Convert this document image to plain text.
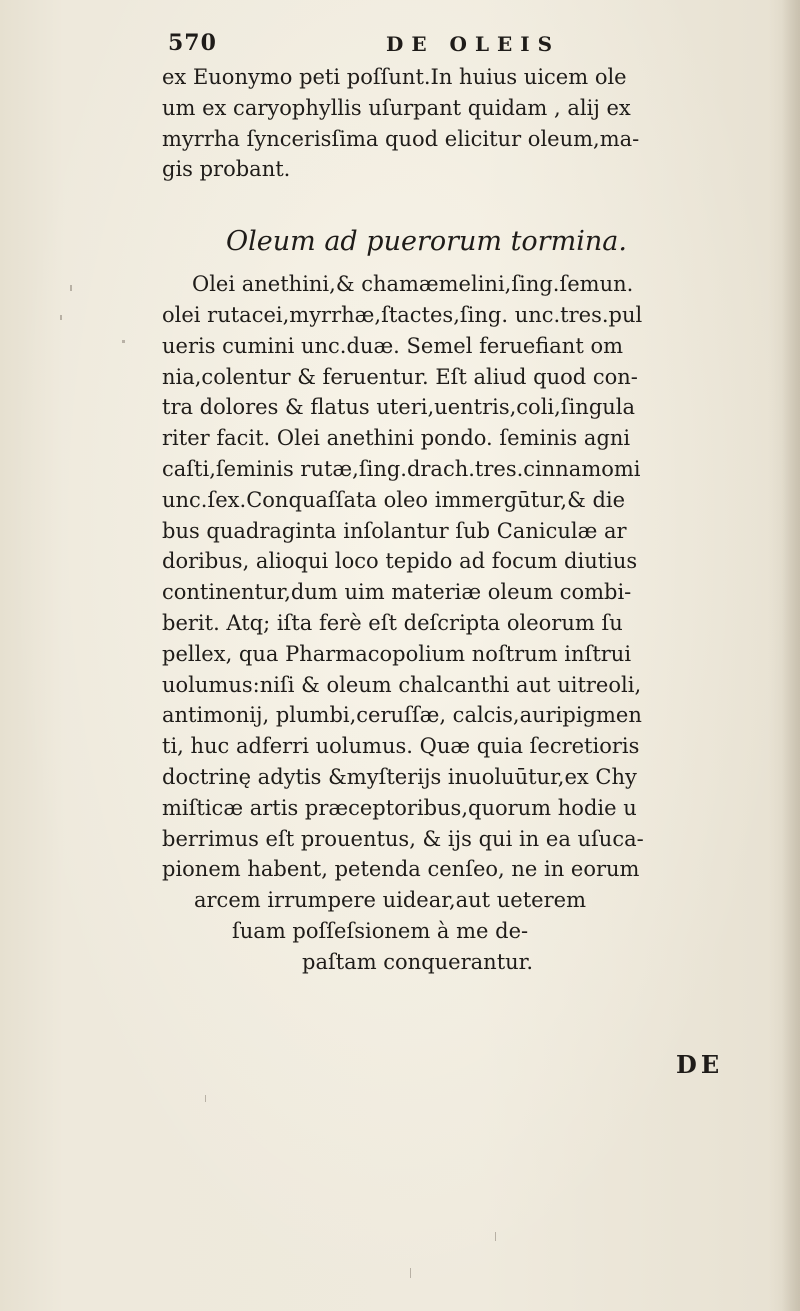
570	DE OLEIS
ex Euonymo peti poſſunt.In huius uicem ole
um ex caryophyllis uſurpant quidam , alij ex
myrrha ſyncerisſima quod elicitur oleum,ma-
gis probant.
Oleum ad puerorum tormina.
Olei anethini,& chamæmelini,ſing.ſemun.
olei rutacei,myrrhæ,ſtactes,ſing. unc.tres.pul
ueris cumini unc.duæ. Semel feruefiant om
nia,colentur & feruentur. Eſt aliud quod con-
tra dolores & flatus uteri,uentris,coli,ſingula
riter facit. Olei anethini pondo. ſeminis agni
caſti,ſeminis rutæ,ſing.drach.tres.cinnamomi
unc.ſex.Conquaſſata oleo immergūtur,& die
bus quadraginta inſolantur ſub Caniculæ ar
doribus, alioqui loco tepido ad focum diutius
continentur,dum uim materiæ oleum combi-
berit. Atq; iſta ferè eſt deſcripta oleorum ſu
pellex, qua Pharmacopolium noſtrum inſtrui
uolumus:niſi & oleum chalcanthi aut uitreoli,
antimonij, plumbi,ceruſſæ, calcis,auripigmen
ti, huc adferri uolumus. Quæ quia ſecretioris
doctrinę adytis &myſterijs inuoluūtur,ex Chy
miſticæ artis præceptoribus,quorum hodie u
berrimus eſt prouentus, & ijs qui in ea uſuca-
pionem habent, petenda cenſeo, ne in eorum
arcem irrumpere uidear,aut ueterem
ſuam poſſeſsionem à me de-
paſtam conquerantur.
DE
